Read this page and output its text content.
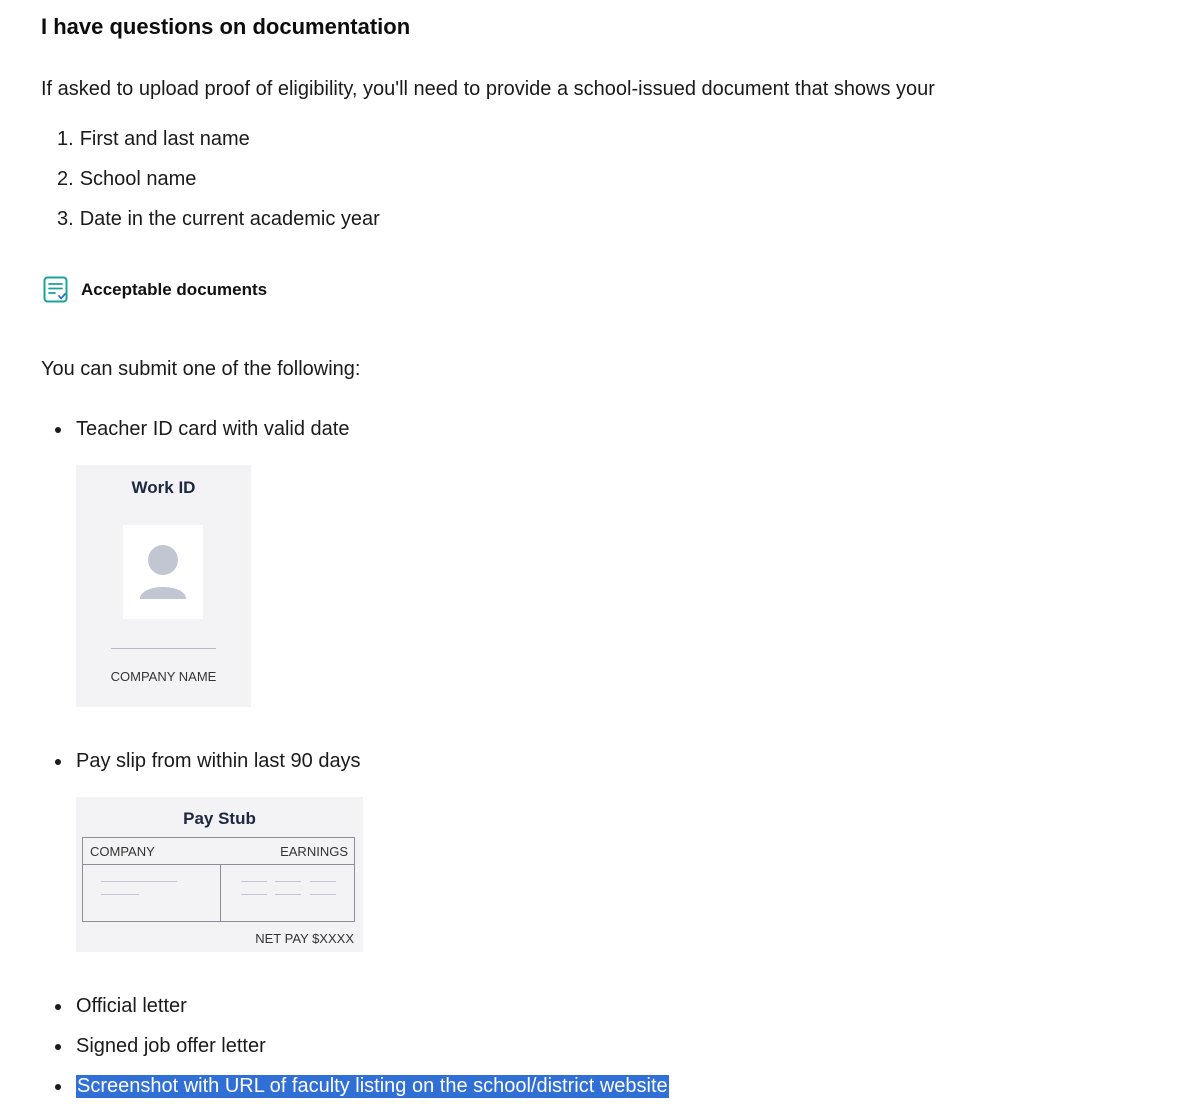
I have questions on documentation
If asked to upload proof of eligibility, you'll need to provide a school-issued document that shows your
1. First and last name
2. School name
3. Date in the current academic year
Acceptable documents
You can submit one of the following:
Teacher ID card with valid date
Work ID
COMPANY NAME
Pay slip from within last 90 days
Pay Stub
COMPANY	EARNINGS
NET PAY $XXXX
Official letter
Signed job offer letter
Screenshot with URL of faculty listing on the school/district website
